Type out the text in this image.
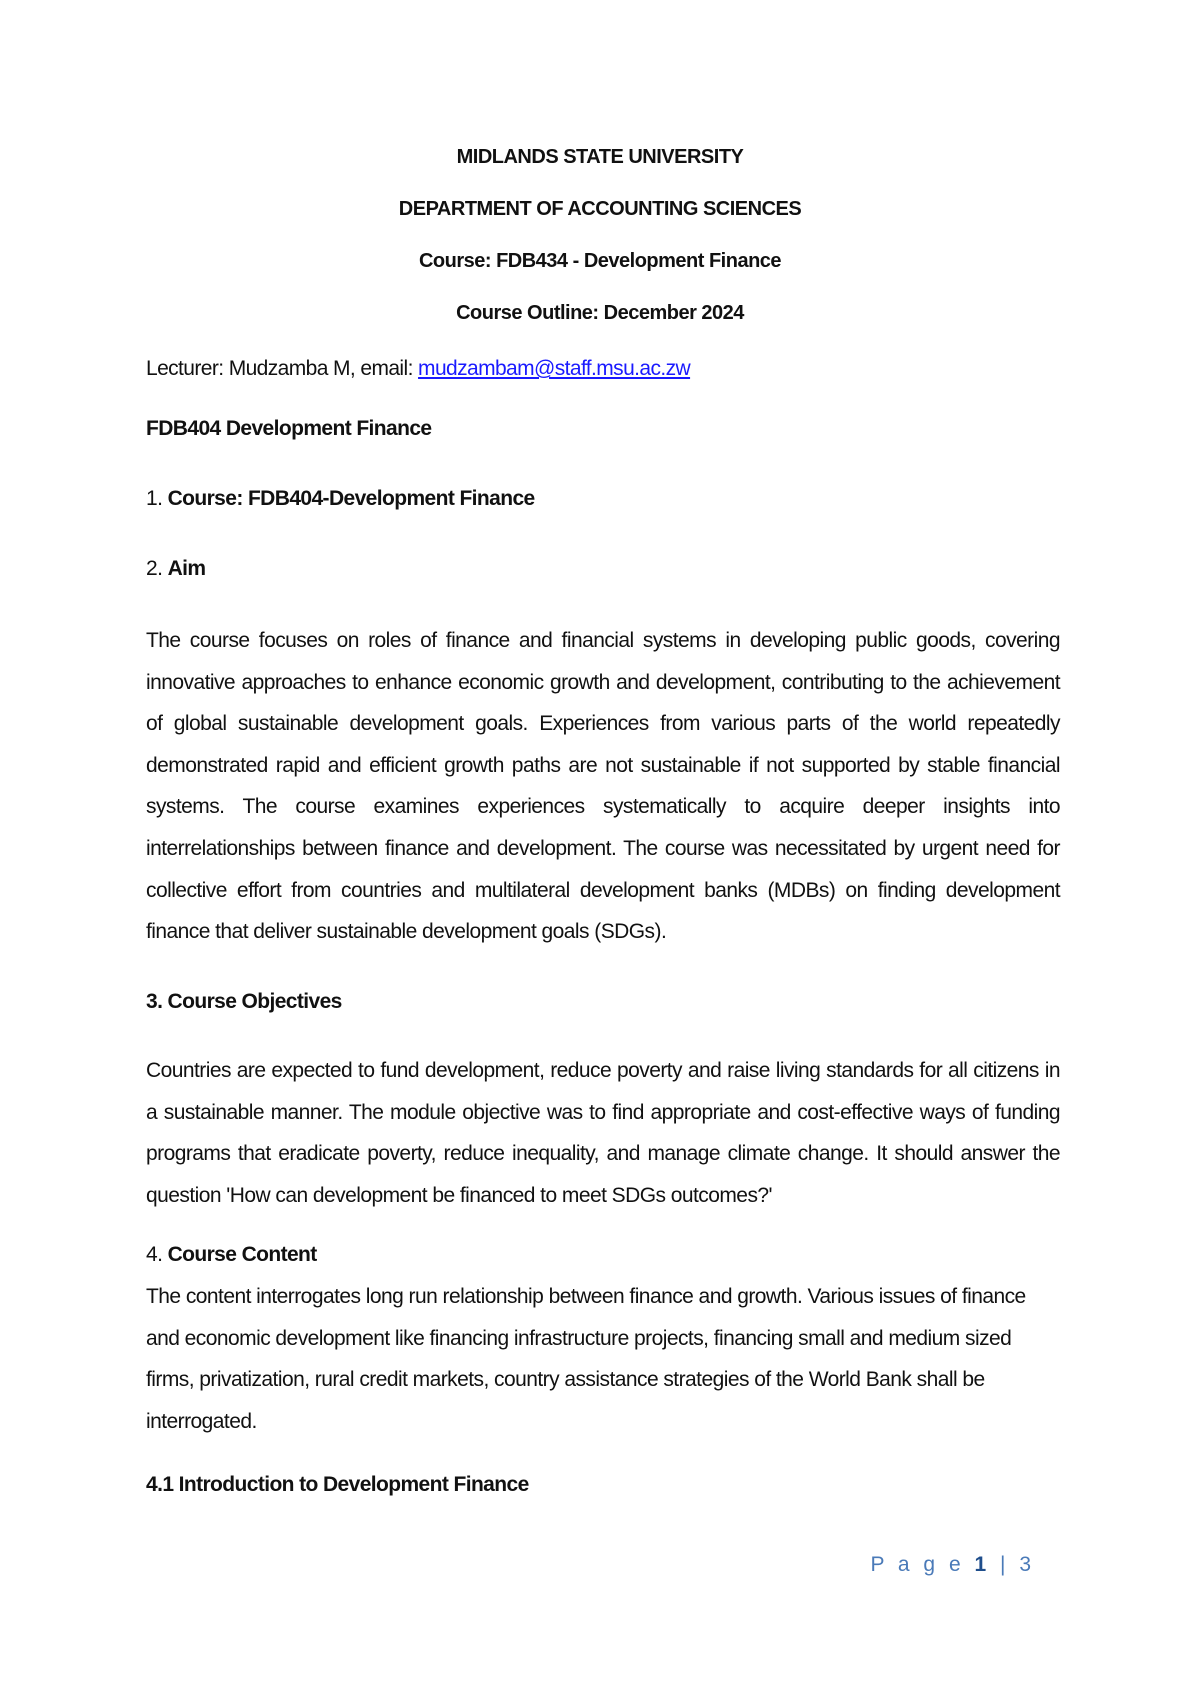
MIDLANDS STATE UNIVERSITY
DEPARTMENT OF ACCOUNTING SCIENCES
Course: FDB434 - Development Finance
Course Outline: December 2024
Lecturer: Mudzamba M, email: mudzambam@staff.msu.ac.zw
FDB404 Development Finance
1. Course: FDB404-Development Finance
2. Aim

The course focuses on roles of finance and financial systems in developing public goods, covering innovative approaches to enhance economic growth and development, contributing to the achievement of global sustainable development goals. Experiences from various parts of the world repeatedly demonstrated rapid and efficient growth paths are not sustainable if not supported by stable financial systems. The course examines experiences systematically to acquire deeper insights into interrelationships between finance and development. The course was necessitated by urgent need for collective effort from countries and multilateral development banks (MDBs) on finding development finance that deliver sustainable development goals (SDGs).

3. Course Objectives

Countries are expected to fund development, reduce poverty and raise living standards for all citizens in a sustainable manner. The module objective was to find appropriate and cost-effective ways of funding programs that eradicate poverty, reduce inequality, and manage climate change. It should answer the question 'How can development be financed to meet SDGs outcomes?'

4. Course Content

The content interrogates long run relationship between finance and growth. Various issues of finance and economic development like financing infrastructure projects, financing small and medium sized firms, privatization, rural credit markets, country assistance strategies of the World Bank shall be interrogated.

4.1 Introduction to Development Finance
P a g e 1 | 3
